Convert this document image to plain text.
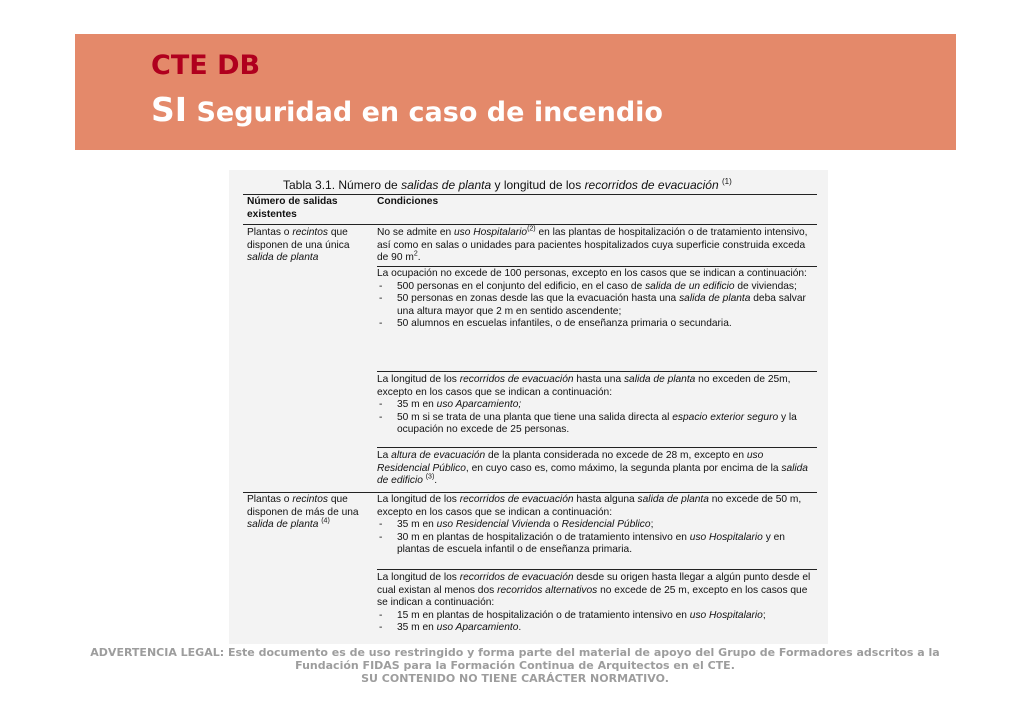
CTE DB
SI Seguridad en caso de incendio
Tabla 3.1. Número de salidas de planta y longitud de los recorridos de evacuación $^{(1)}$
Número de salidas existentes
Condiciones
Plantas o recintos que disponen de una única salida de planta
No se admite en uso Hospitalario$^{(2)}$ en las plantas de hospitalización o de tratamiento intensivo, así como en salas o unidades para pacientes hospitalizados cuya superficie construida exceda de 90 $m^2$.
La ocupación no excede de 100 personas, excepto en los casos que se indican a continuación:
- 500 personas en el conjunto del edificio, en el caso de salida de un edificio de viviendas;
- 50 personas en zonas desde las que la evacuación hasta una salida de planta deba salvar una altura mayor que 2 m en sentido ascendente;
- 50 alumnos en escuelas infantiles, o de enseñanza primaria o secundaria.
La longitud de los recorridos de evacuación hasta una salida de planta no exceden de 25m, excepto en los casos que se indican a continuación:
- 35 m en uso Aparcamiento;
- 50 m si se trata de una planta que tiene una salida directa al espacio exterior seguro y la ocupación no excede de 25 personas.
La altura de evacuación de la planta considerada no excede de 28 m, excepto en uso Residencial Público, en cuyo caso es, como máximo, la segunda planta por encima de la salida de edificio $^{(3)}$.
Plantas o recintos que disponen de más de una salida de planta $^{(4)}$
La longitud de los recorridos de evacuación hasta alguna salida de planta no excede de 50 m, excepto en los casos que se indican a continuación:
- 35 m en uso Residencial Vivienda o Residencial Público;
- 30 m en plantas de hospitalización o de tratamiento intensivo en uso Hospitalario y en plantas de escuela infantil o de enseñanza primaria.
La longitud de los recorridos de evacuación desde su origen hasta llegar a algún punto desde el cual existan al menos dos recorridos alternativos no excede de 25 m, excepto en los casos que se indican a continuación:
- 15 m en plantas de hospitalización o de tratamiento intensivo en uso Hospitalario;
- 35 m en uso Aparcamiento.
ADVERTENCIA LEGAL: Este documento es de uso restringido y forma parte del material de apoyo del Grupo de Formadores adscritos a la
Fundación FIDAS para la Formación Continua de Arquitectos en el CTE.
SU CONTENIDO NO TIENE CARÁCTER NORMATIVO.
